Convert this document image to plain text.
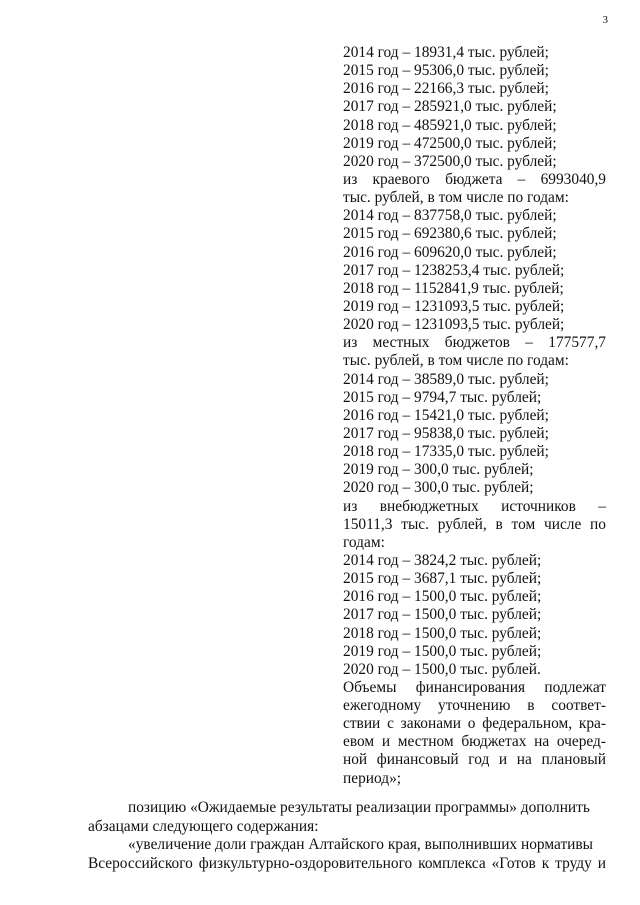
3
2014 год – 18931,4 тыс. рублей;
2015 год – 95306,0 тыс. рублей;
2016 год – 22166,3 тыс. рублей;
2017 год – 285921,0 тыс. рублей;
2018 год – 485921,0 тыс. рублей;
2019 год – 472500,0 тыс. рублей;
2020 год – 372500,0 тыс. рублей;
из краевого бюджета – 6993040,9
тыс. рублей, в том числе по годам:
2014 год – 837758,0 тыс. рублей;
2015 год – 692380,6 тыс. рублей;
2016 год – 609620,0 тыс. рублей;
2017 год – 1238253,4 тыс. рублей;
2018 год – 1152841,9 тыс. рублей;
2019 год – 1231093,5 тыс. рублей;
2020 год – 1231093,5 тыс. рублей;
из местных бюджетов – 177577,7
тыс. рублей, в том числе по годам:
2014 год – 38589,0 тыс. рублей;
2015 год – 9794,7 тыс. рублей;
2016 год – 15421,0 тыс. рублей;
2017 год – 95838,0 тыс. рублей;
2018 год – 17335,0 тыс. рублей;
2019 год – 300,0 тыс. рублей;
2020 год – 300,0 тыс. рублей;
из внебюджетных источников –
15011,3 тыс. рублей, в том числе по
годам:
2014 год – 3824,2 тыс. рублей;
2015 год – 3687,1 тыс. рублей;
2016 год – 1500,0 тыс. рублей;
2017 год – 1500,0 тыс. рублей;
2018 год – 1500,0 тыс. рублей;
2019 год – 1500,0 тыс. рублей;
2020 год – 1500,0 тыс. рублей.
Объемы финансирования подлежат
ежегодному уточнению в соответ-
ствии с законами о федеральном, кра-
евом и местном бюджетах на очеред-
ной финансовый год и на плановый
период»;
позицию «Ожидаемые результаты реализации программы» дополнить
абзацами следующего содержания:
«увеличение доли граждан Алтайского края, выполнивших нормативы
Всероссийского физкультурно-оздоровительного комплекса «Готов к труду и
